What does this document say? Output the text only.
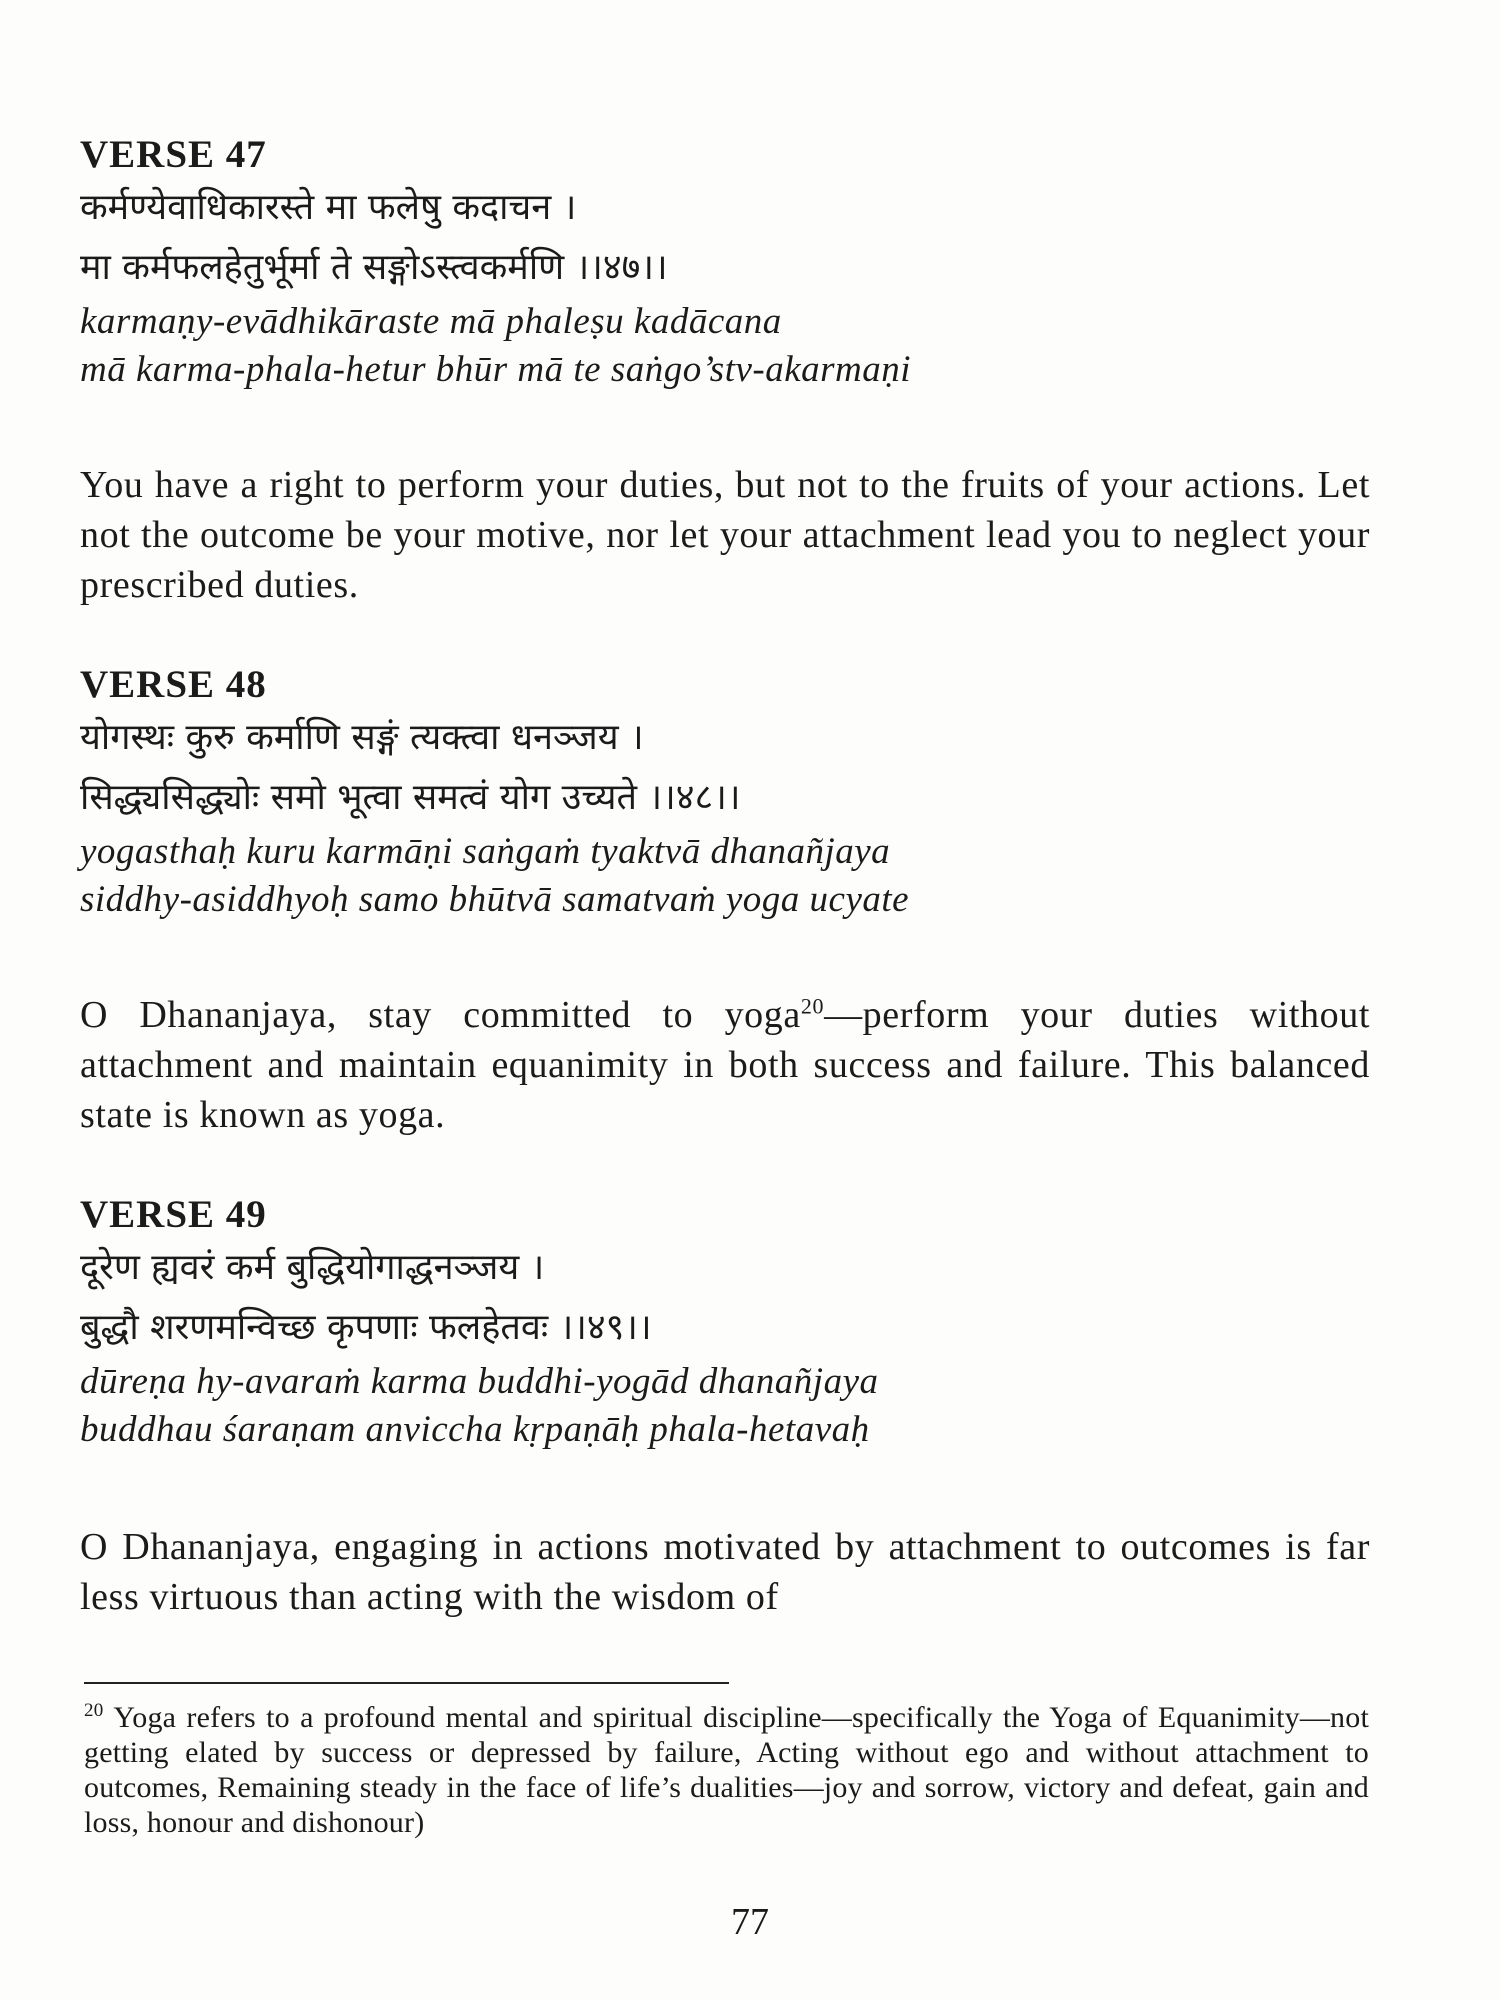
VERSE 47

कर्मण्येवाधिकारस्ते मा फलेषु कदाचन ।

मा कर्मफलहेतुर्भूर्मा ते सङ्गोऽस्त्वकर्मणि ।।४७।।

karmaṇy-evādhikāraste mā phaleṣu kadācana

mā karma-phala-hetur bhūr mā te saṅgo’stv-akarmaṇi

You have a right to perform your duties, but not to the fruits of your actions. Let not the outcome be your motive, nor let your attachment lead you to neglect your prescribed duties.

VERSE 48

योगस्थः कुरु कर्माणि सङ्गं त्यक्त्वा धनञ्जय ।

सिद्ध्यसिद्ध्योः समो भूत्वा समत्वं योग उच्यते ।।४८।।

yogasthaḥ kuru karmāṇi saṅgaṁ tyaktvā dhanañjaya

siddhy-asiddhyoḥ samo bhūtvā samatvaṁ yoga ucyate

O Dhananjaya, stay committed to yoga$^{20}$—perform your duties without attachment and maintain equanimity in both success and failure. This balanced state is known as yoga.

VERSE 49

दूरेण ह्यवरं कर्म बुद्धियोगाद्धनञ्जय ।

बुद्धौ शरणमन्विच्छ कृपणाः फलहेतवः ।।४९।।

dūreṇa hy-avaraṁ karma buddhi-yogād dhanañjaya

buddhau śaraṇam anviccha kṛpaṇāḥ phala-hetavaḥ

O Dhananjaya, engaging in actions motivated by attachment to outcomes is far less virtuous than acting with the wisdom of

$^{20}$ Yoga refers to a profound mental and spiritual discipline—specifically the Yoga of Equanimity—not getting elated by success or depressed by failure, Acting without ego and without attachment to outcomes, Remaining steady in the face of life’s dualities—joy and sorrow, victory and defeat, gain and loss, honour and dishonour)

77
